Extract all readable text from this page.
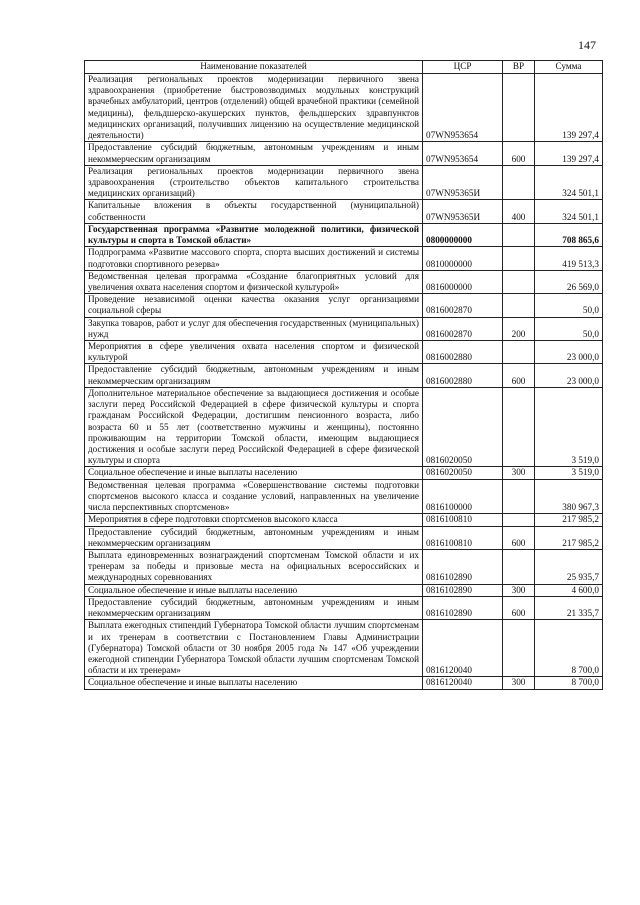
147
Наименование показателей	ЦСР	ВР	Сумма
Реализация региональных проектов модернизации первичного звена здравоохранения (приобретение быстровозводимых модульных конструкций врачебных амбулаторий, центров (отделений) общей врачебной практики (семейной медицины), фельдшерско-акушерских пунктов, фельдшерских здравпунктов медицинских организаций, получивших лицензию на осуществление медицинской деятельности)	07WN953654		139 297,4
Предоставление субсидий бюджетным, автономным учреждениям и иным некоммерческим организациям	07WN953654	600	139 297,4
Реализация региональных проектов модернизации первичного звена здравоохранения (строительство объектов капитального строительства медицинских организаций)	07WN95365И		324 501,1
Капитальные вложения в объекты государственной (муниципальной) собственности	07WN95365И	400	324 501,1
Государственная программа «Развитие молодежной политики, физической культуры и спорта в Томской области»	0800000000		708 865,6
Подпрограмма «Развитие массового спорта, спорта высших достижений и системы подготовки спортивного резерва»	0810000000		419 513,3
Ведомственная целевая программа «Создание благоприятных условий для увеличения охвата населения спортом и физической культурой»	0816000000		26 569,0
Проведение независимой оценки качества оказания услуг организациями социальной сферы	0816002870		50,0
Закупка товаров, работ и услуг для обеспечения государственных (муниципальных) нужд	0816002870	200	50,0
Мероприятия в сфере увеличения охвата населения спортом и физической культурой	0816002880		23 000,0
Предоставление субсидий бюджетным, автономным учреждениям и иным некоммерческим организациям	0816002880	600	23 000,0
Дополнительное материальное обеспечение за выдающиеся достижения и особые заслуги перед Российской Федерацией в сфере физической культуры и спорта гражданам Российской Федерации, достигшим пенсионного возраста, либо возраста 60 и 55 лет (соответственно мужчины и женщины), постоянно проживающим на территории Томской области, имеющим выдающиеся достижения и особые заслуги перед Российской Федерацией в сфере физической культуры и спорта	0816020050		3 519,0
Социальное обеспечение и иные выплаты населению	0816020050	300	3 519,0
Ведомственная целевая программа «Совершенствование системы подготовки спортсменов высокого класса и создание условий, направленных на увеличение числа перспективных спортсменов»	0816100000		380 967,3
Мероприятия в сфере подготовки спортсменов высокого класса	0816100810		217 985,2
Предоставление субсидий бюджетным, автономным учреждениям и иным некоммерческим организациям	0816100810	600	217 985,2
Выплата единовременных вознаграждений спортсменам Томской области и их тренерам за победы и призовые места на официальных всероссийских и международных соревнованиях	0816102890		25 935,7
Социальное обеспечение и иные выплаты населению	0816102890	300	4 600,0
Предоставление субсидий бюджетным, автономным учреждениям и иным некоммерческим организациям	0816102890	600	21 335,7
Выплата ежегодных стипендий Губернатора Томской области лучшим спортсменам и их тренерам в соответствии с Постановлением Главы Администрации (Губернатора) Томской области от 30 ноября 2005 года № 147 «Об учреждении ежегодной стипендии Губернатора Томской области лучшим спортсменам Томской области и их тренерам»	0816120040		8 700,0
Социальное обеспечение и иные выплаты населению	0816120040	300	8 700,0
